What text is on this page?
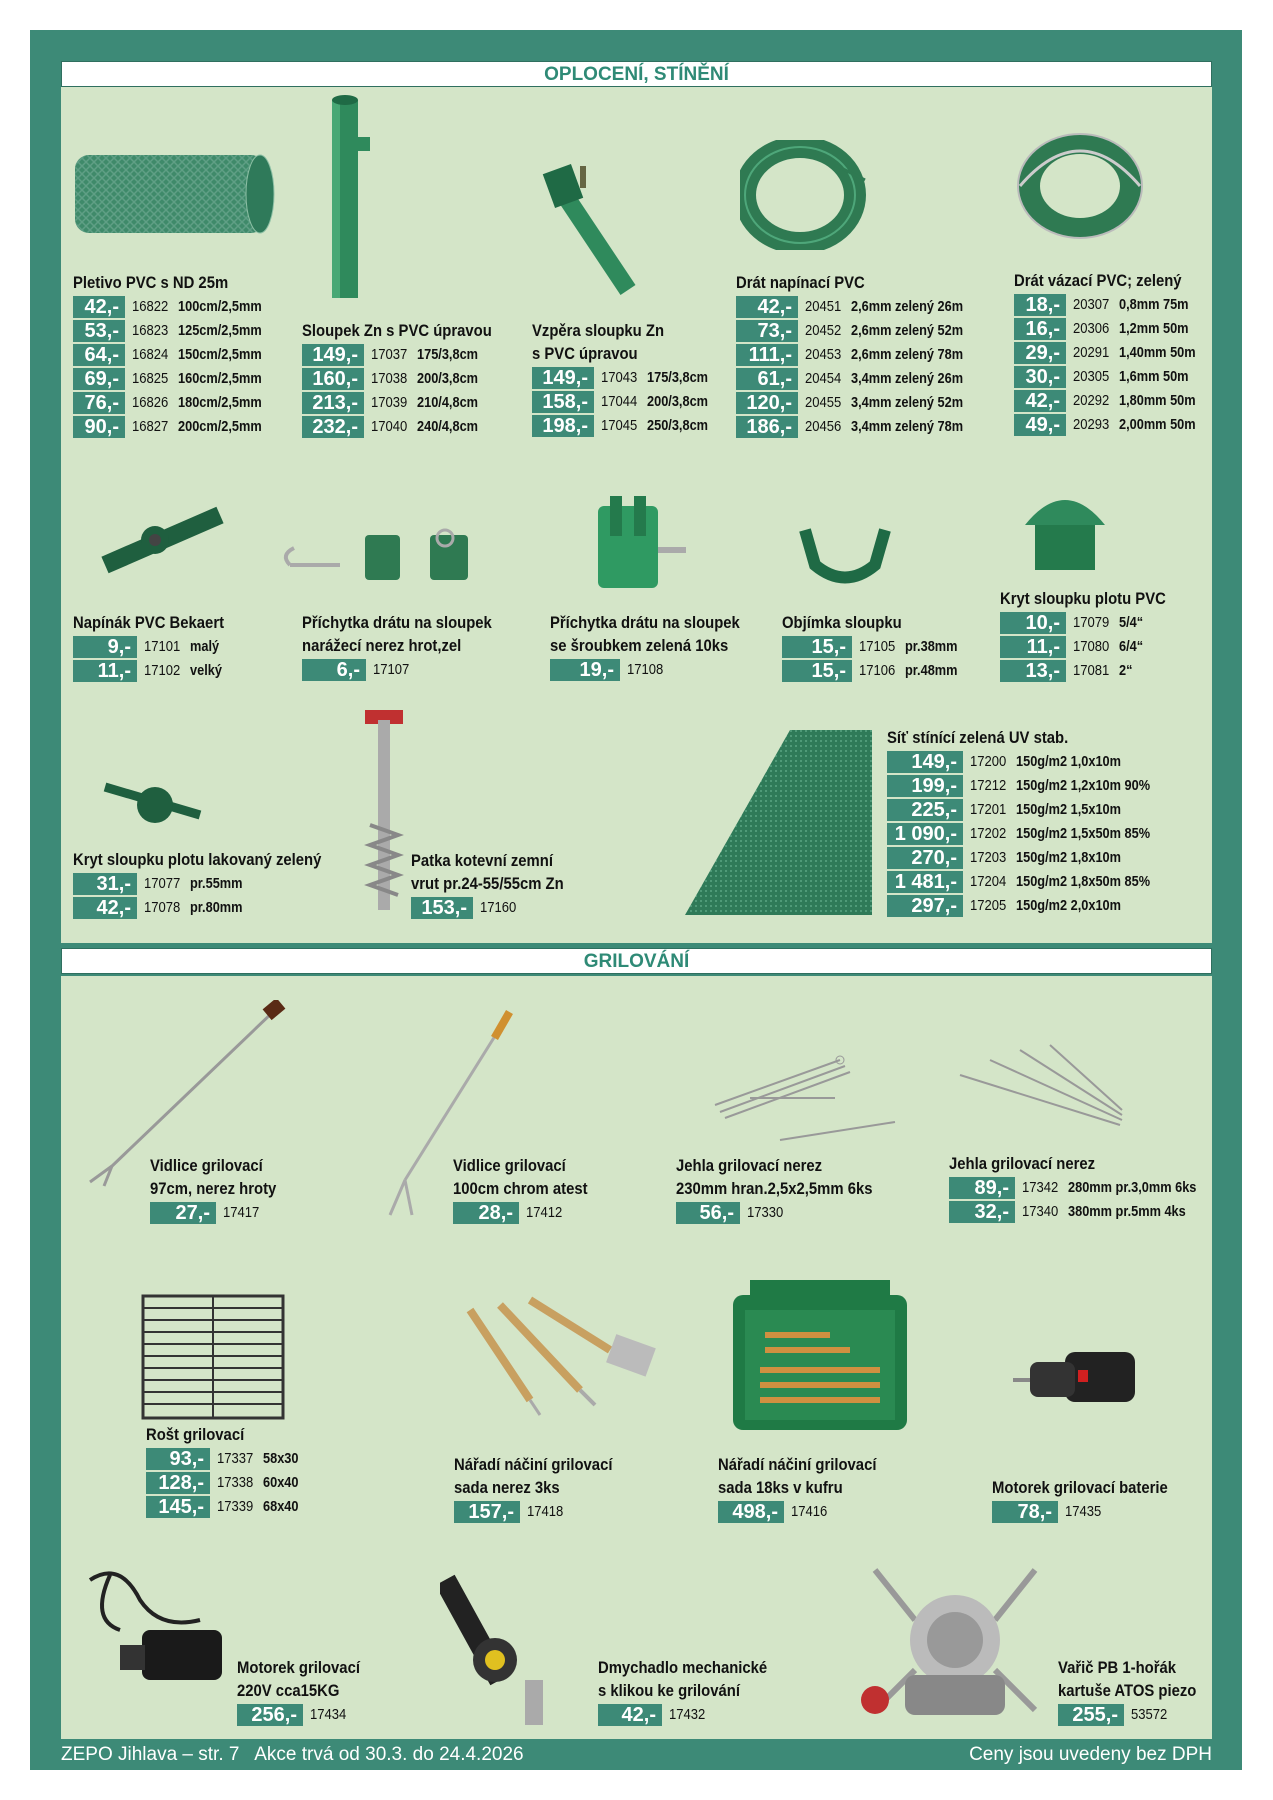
OPLOCENÍ, STÍNĚNÍ
GRILOVÁNÍ
Pletivo PVC s ND 25m
42,- 16822 100cm/2,5mm
53,- 16823 125cm/2,5mm
64,- 16824 150cm/2,5mm
69,- 16825 160cm/2,5mm
76,- 16826 180cm/2,5mm
90,- 16827 200cm/2,5mm
Sloupek Zn s PVC úpravou
149,- 17037 175/3,8cm
160,- 17038 200/3,8cm
213,- 17039 210/4,8cm
232,- 17040 240/4,8cm
Vzpěra sloupku Zn
s PVC úpravou
149,- 17043 175/3,8cm
158,- 17044 200/3,8cm
198,- 17045 250/3,8cm
Drát napínací PVC
42,- 20451 2,6mm zelený 26m
73,- 20452 2,6mm zelený 52m
111,- 20453 2,6mm zelený 78m
61,- 20454 3,4mm zelený 26m
120,- 20455 3,4mm zelený 52m
186,- 20456 3,4mm zelený 78m
Drát vázací PVC; zelený
18,- 20307 0,8mm 75m
16,- 20306 1,2mm 50m
29,- 20291 1,40mm 50m
30,- 20305 1,6mm 50m
42,- 20292 1,80mm 50m
49,- 20293 2,00mm 50m
Napínák PVC Bekaert
9,- 17101 malý
11,- 17102 velký
Příchytka drátu na sloupek
narážecí nerez hrot,zel
6,- 17107
Příchytka drátu na sloupek
se šroubkem zelená 10ks
19,- 17108
Objímka sloupku
15,- 17105 pr.38mm
15,- 17106 pr.48mm
Kryt sloupku plotu PVC
10,- 17079 5/4“
11,- 17080 6/4“
13,- 17081 2“
Kryt sloupku plotu lakovaný zelený
31,- 17077 pr.55mm
42,- 17078 pr.80mm
Patka kotevní zemní
vrut pr.24-55/55cm Zn
153,- 17160
Síť stínící zelená UV stab.
149,- 17200 150g/m2 1,0x10m
199,- 17212 150g/m2 1,2x10m 90%
225,- 17201 150g/m2 1,5x10m
1 090,- 17202 150g/m2 1,5x50m 85%
270,- 17203 150g/m2 1,8x10m
1 481,- 17204 150g/m2 1,8x50m 85%
297,- 17205 150g/m2 2,0x10m
Vidlice grilovací
97cm, nerez hroty
27,- 17417
Vidlice grilovací
100cm chrom atest
28,- 17412
Jehla grilovací nerez
230mm hran.2,5x2,5mm 6ks
56,- 17330
Jehla grilovací nerez
89,- 17342 280mm pr.3,0mm 6ks
32,- 17340 380mm pr.5mm 4ks
Rošt grilovací
93,- 17337 58x30
128,- 17338 60x40
145,- 17339 68x40
Nářadí náčiní grilovací
sada nerez 3ks
157,- 17418
Nářadí náčiní grilovací
sada 18ks v kufru
498,- 17416
Motorek grilovací baterie
78,- 17435
Motorek grilovací
220V cca15KG
256,- 17434
Dmychadlo mechanické
s klikou ke grilování
42,- 17432
Vařič PB 1-hořák
kartuše ATOS piezo
255,- 53572
ZEPO Jihlava – str. 7   Akce trvá od 30.3. do 24.4.2026	Ceny jsou uvedeny bez DPH
